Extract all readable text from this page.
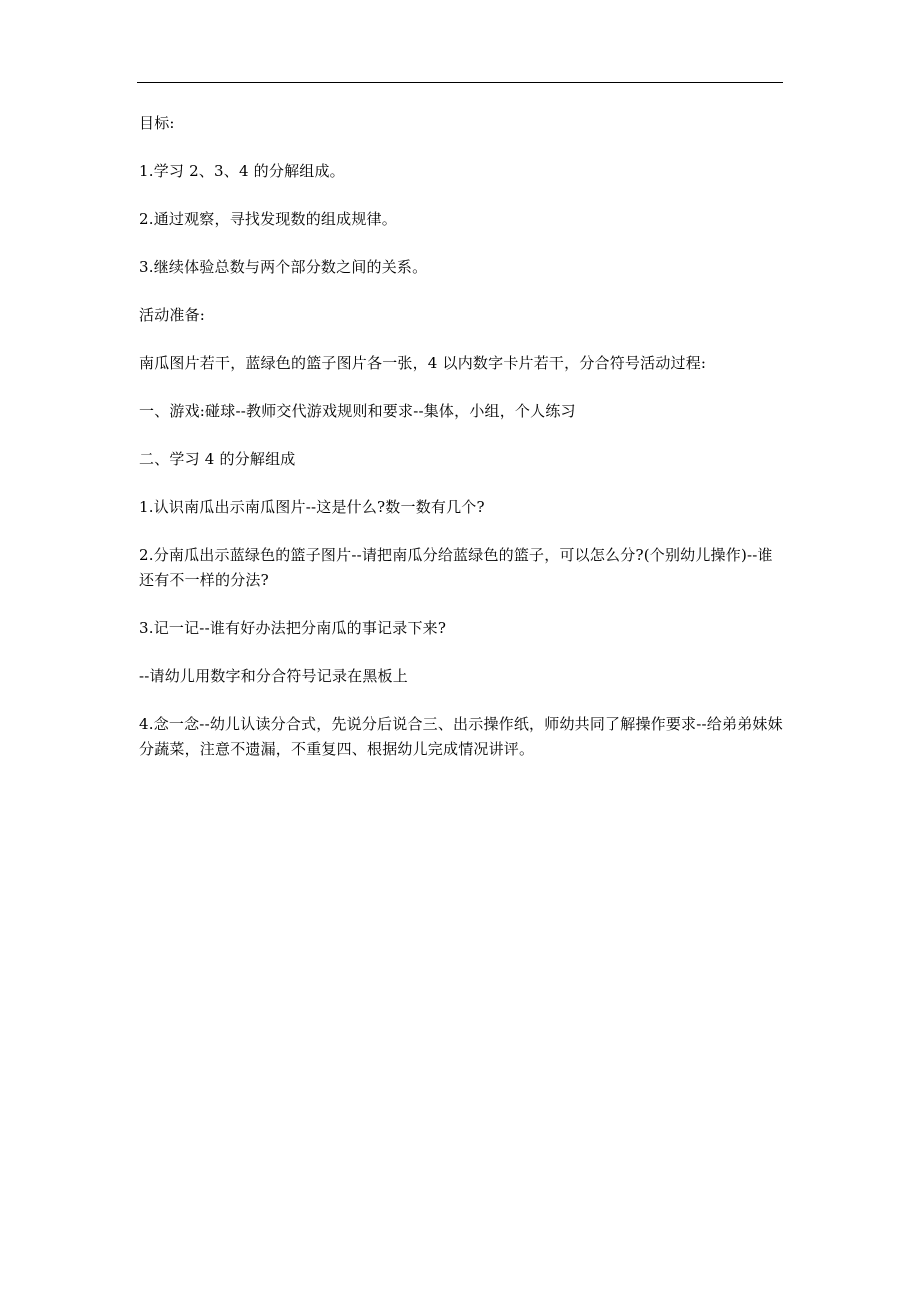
目标:

1.学习 2、3、4 的分解组成。

2.通过观察，寻找发现数的组成规律。

3.继续体验总数与两个部分数之间的关系。

活动准备:

南瓜图片若干，蓝绿色的篮子图片各一张，4 以内数字卡片若干，分合符号活动过程:

一、游戏:碰球--教师交代游戏规则和要求--集体，小组，个人练习

二、学习 4 的分解组成

1.认识南瓜出示南瓜图片--这是什么?数一数有几个?

2.分南瓜出示蓝绿色的篮子图片--请把南瓜分给蓝绿色的篮子，可以怎么分?(个别幼儿操作)--谁还有不一样的分法?

3.记一记--谁有好办法把分南瓜的事记录下来?

--请幼儿用数字和分合符号记录在黑板上

4.念一念--幼儿认读分合式，先说分后说合三、出示操作纸，师幼共同了解操作要求--给弟弟妹妹分蔬菜，注意不遗漏，不重复四、根据幼儿完成情况讲评。
